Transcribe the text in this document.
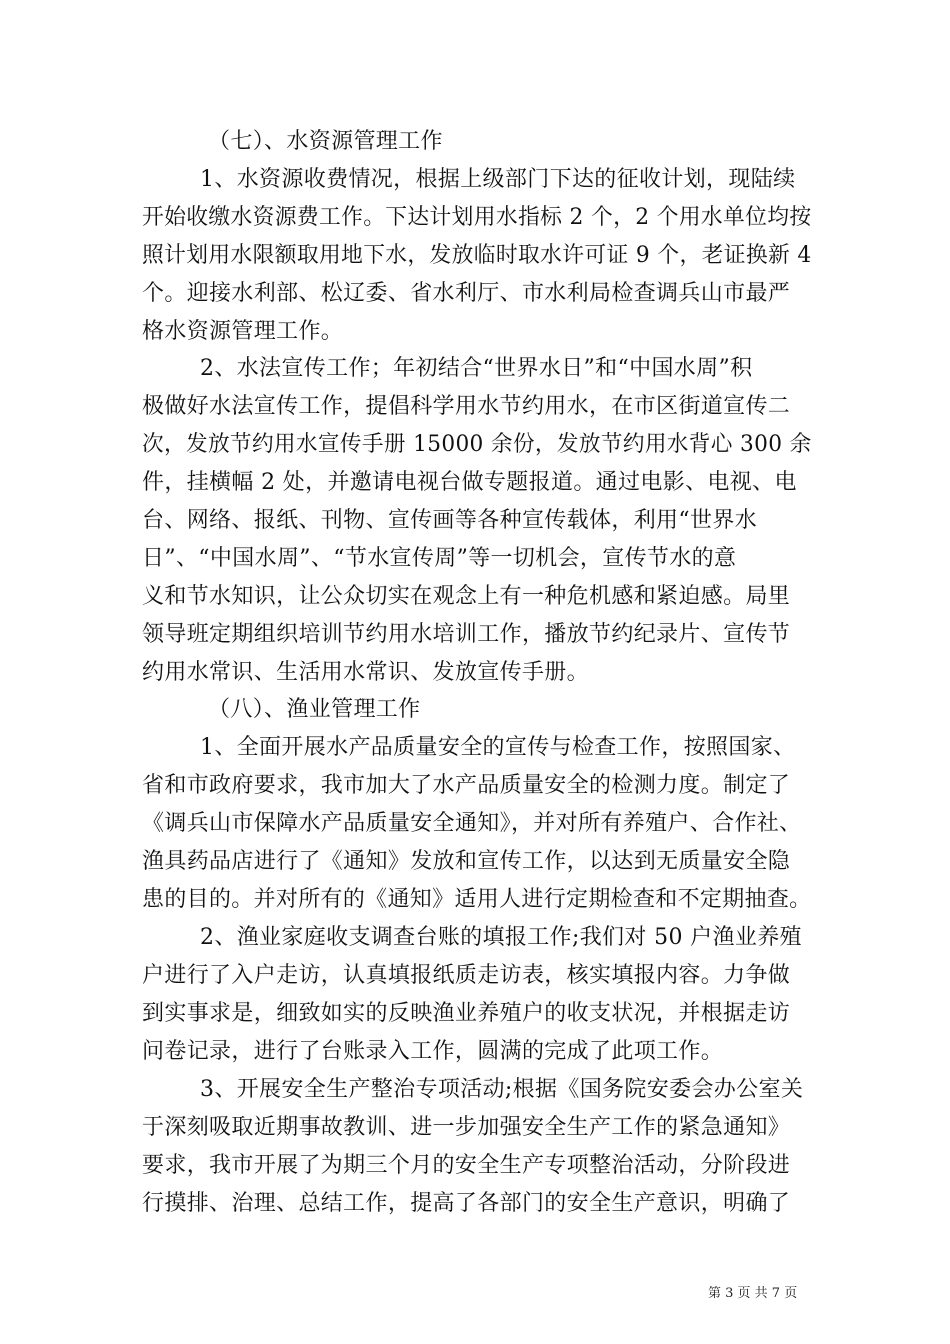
（七）、水资源管理工作
1、水资源收费情况，根据上级部门下达的征收计划，现陆续
开始收缴水资源费工作。下达计划用水指标 2 个，2 个用水单位均按
照计划用水限额取用地下水，发放临时取水许可证 9 个，老证换新 4
个。迎接水利部、松辽委、省水利厅、市水利局检查调兵山市最严
格水资源管理工作。
2、水法宣传工作；年初结合“世界水日”和“中国水周”积
极做好水法宣传工作，提倡科学用水节约用水，在市区街道宣传二
次，发放节约用水宣传手册 15000 余份，发放节约用水背心 300 余
件，挂横幅 2 处，并邀请电视台做专题报道。通过电影、电视、电
台、网络、报纸、刊物、宣传画等各种宣传载体，利用“世界水
日”、“中国水周”、“节水宣传周”等一切机会，宣传节水的意
义和节水知识，让公众切实在观念上有一种危机感和紧迫感。局里
领导班定期组织培训节约用水培训工作，播放节约纪录片、宣传节
约用水常识、生活用水常识、发放宣传手册。
（八）、渔业管理工作
1、全面开展水产品质量安全的宣传与检查工作，按照国家、
省和市政府要求，我市加大了水产品质量安全的检测力度。制定了
《调兵山市保障水产品质量安全通知》，并对所有养殖户、合作社、
渔具药品店进行了《通知》发放和宣传工作，以达到无质量安全隐
患的目的。并对所有的《通知》适用人进行定期检查和不定期抽查。
2、渔业家庭收支调查台账的填报工作;我们对 50 户渔业养殖
户进行了入户走访，认真填报纸质走访表，核实填报内容。力争做
到实事求是，细致如实的反映渔业养殖户的收支状况，并根据走访
问卷记录，进行了台账录入工作，圆满的完成了此项工作。
3、开展安全生产整治专项活动;根据《国务院安委会办公室关
于深刻吸取近期事故教训、进一步加强安全生产工作的紧急通知》
要求，我市开展了为期三个月的安全生产专项整治活动，分阶段进
行摸排、治理、总结工作，提高了各部门的安全生产意识，明确了
第 3 页 共 7 页
